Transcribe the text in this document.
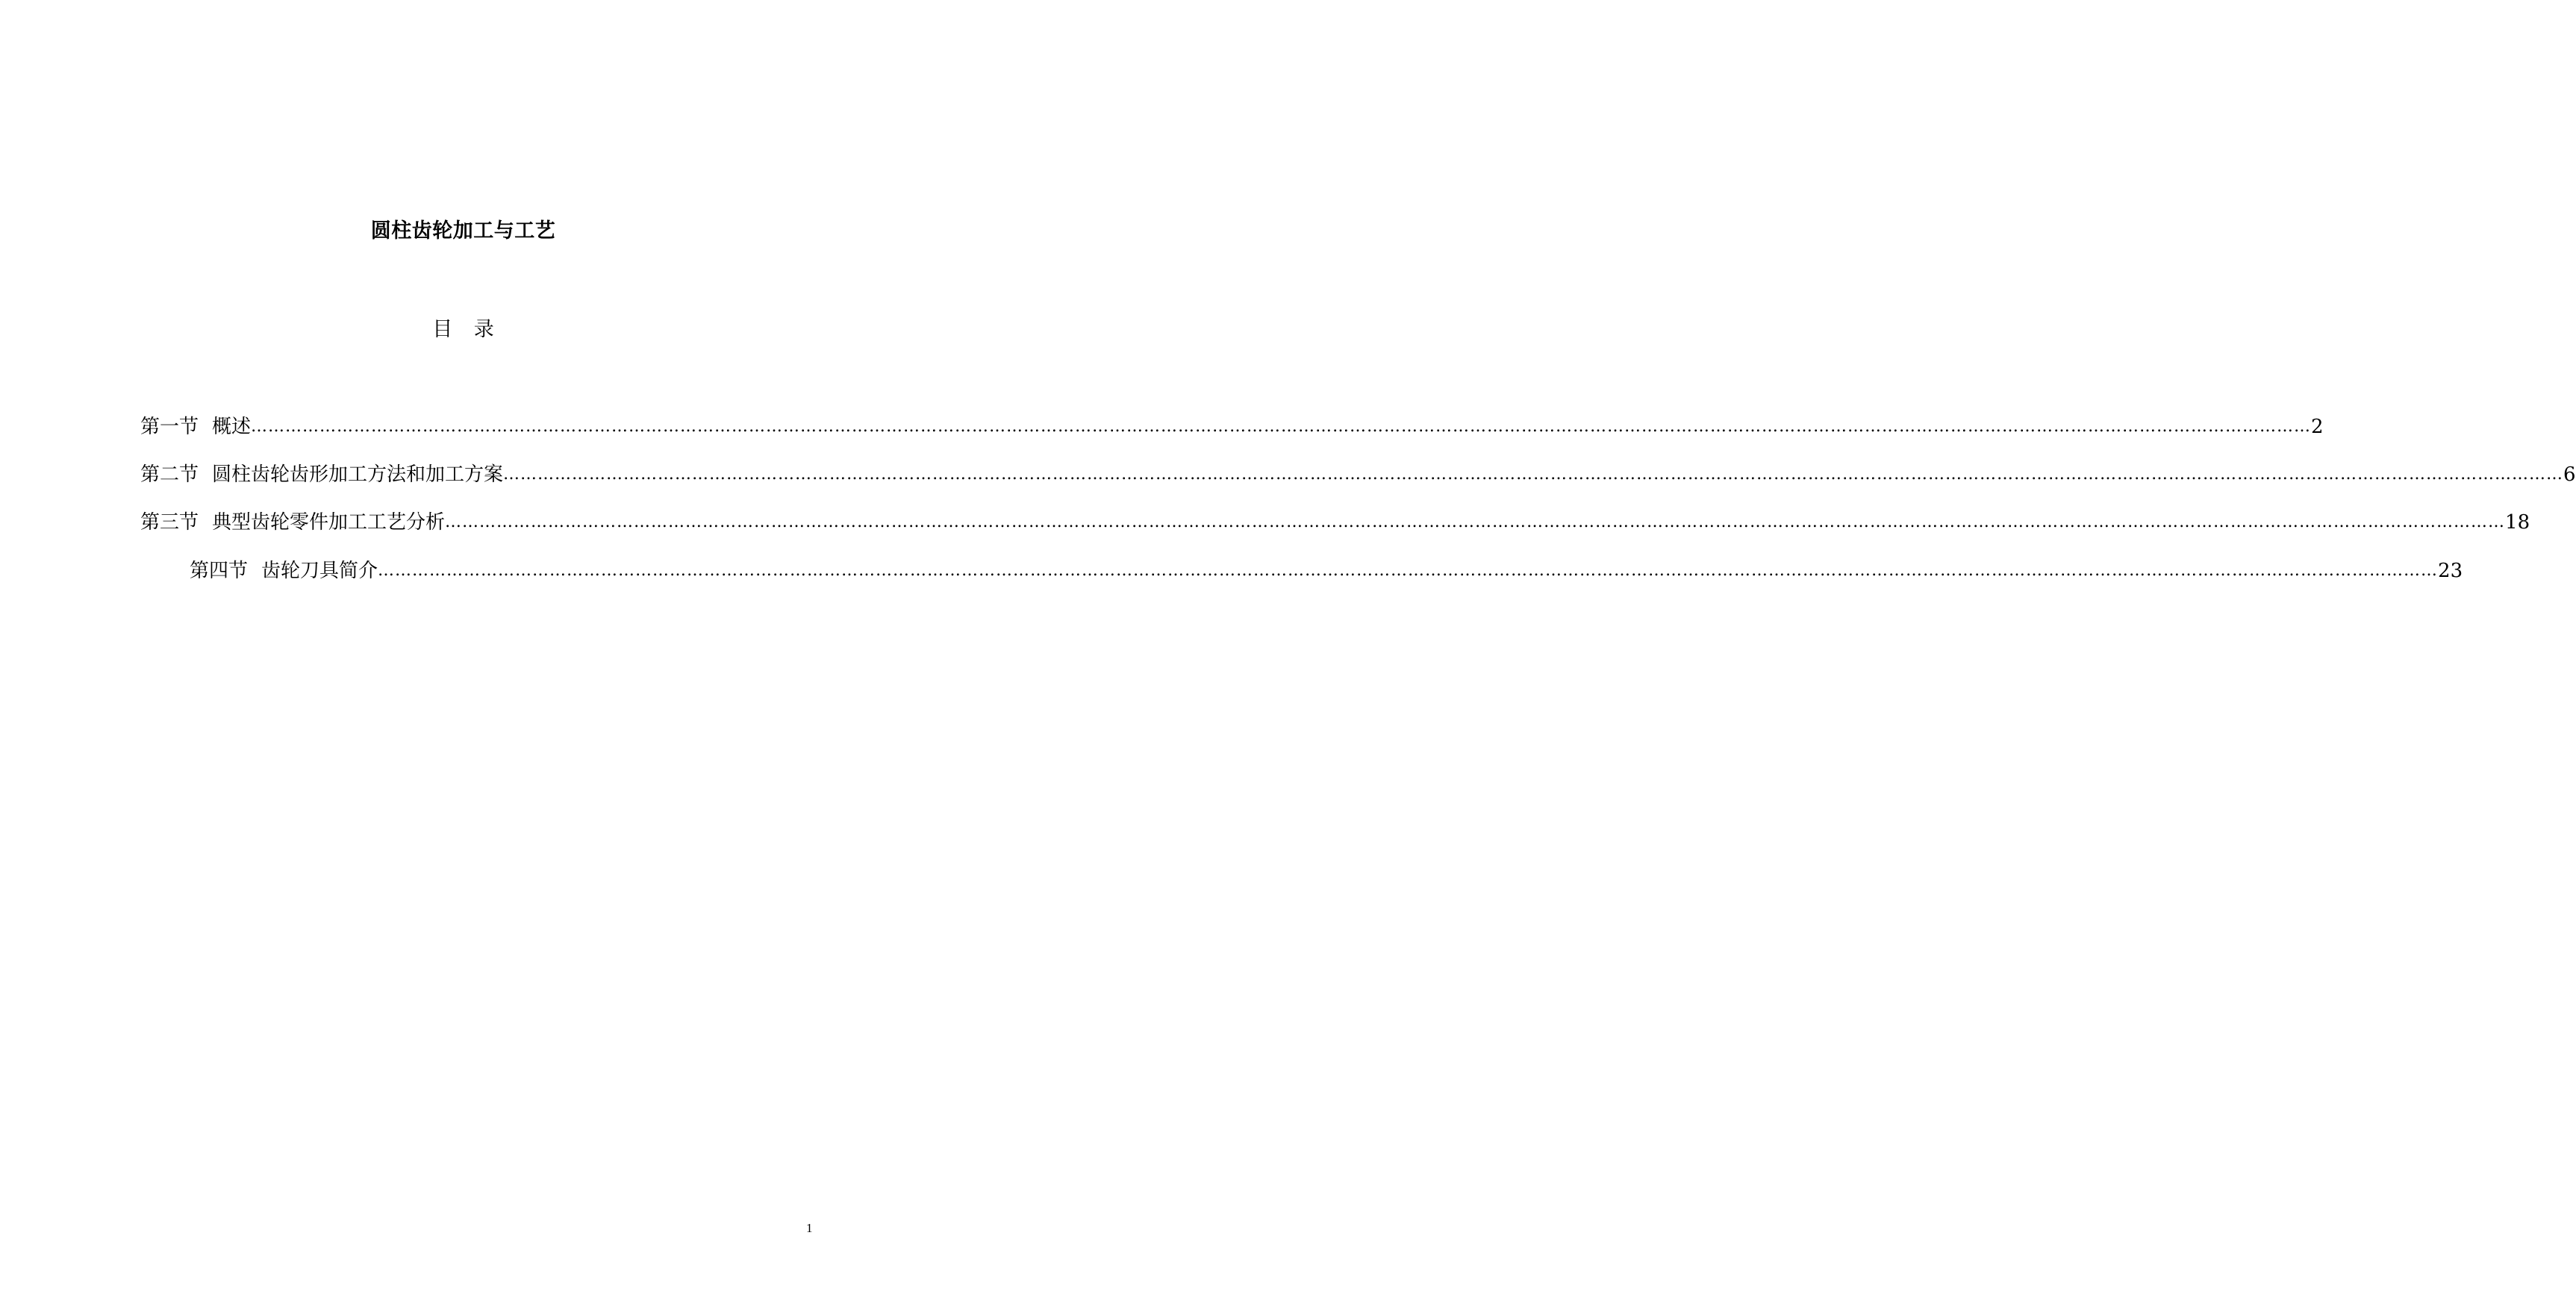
圆柱齿轮加工与工艺
目 录
第一节 概述 ……………………………………………………………………………………………………………………………………………………………………………………………………………………………………………………………………………………………………………………………… 2
第二节 圆柱齿轮齿形加工方法和加工方案 ……………………………………………………………………………………………………………………………………………………………………………………………………………………………………………………………………………………………………………………………… 6
第三节 典型齿轮零件加工工艺分析 ……………………………………………………………………………………………………………………………………………………………………………………………………………………………………………………………………………………………………………………………… 18
第四节 齿轮刀具简介 ……………………………………………………………………………………………………………………………………………………………………………………………………………………………………………………………………………………………………………………………… 23
1
